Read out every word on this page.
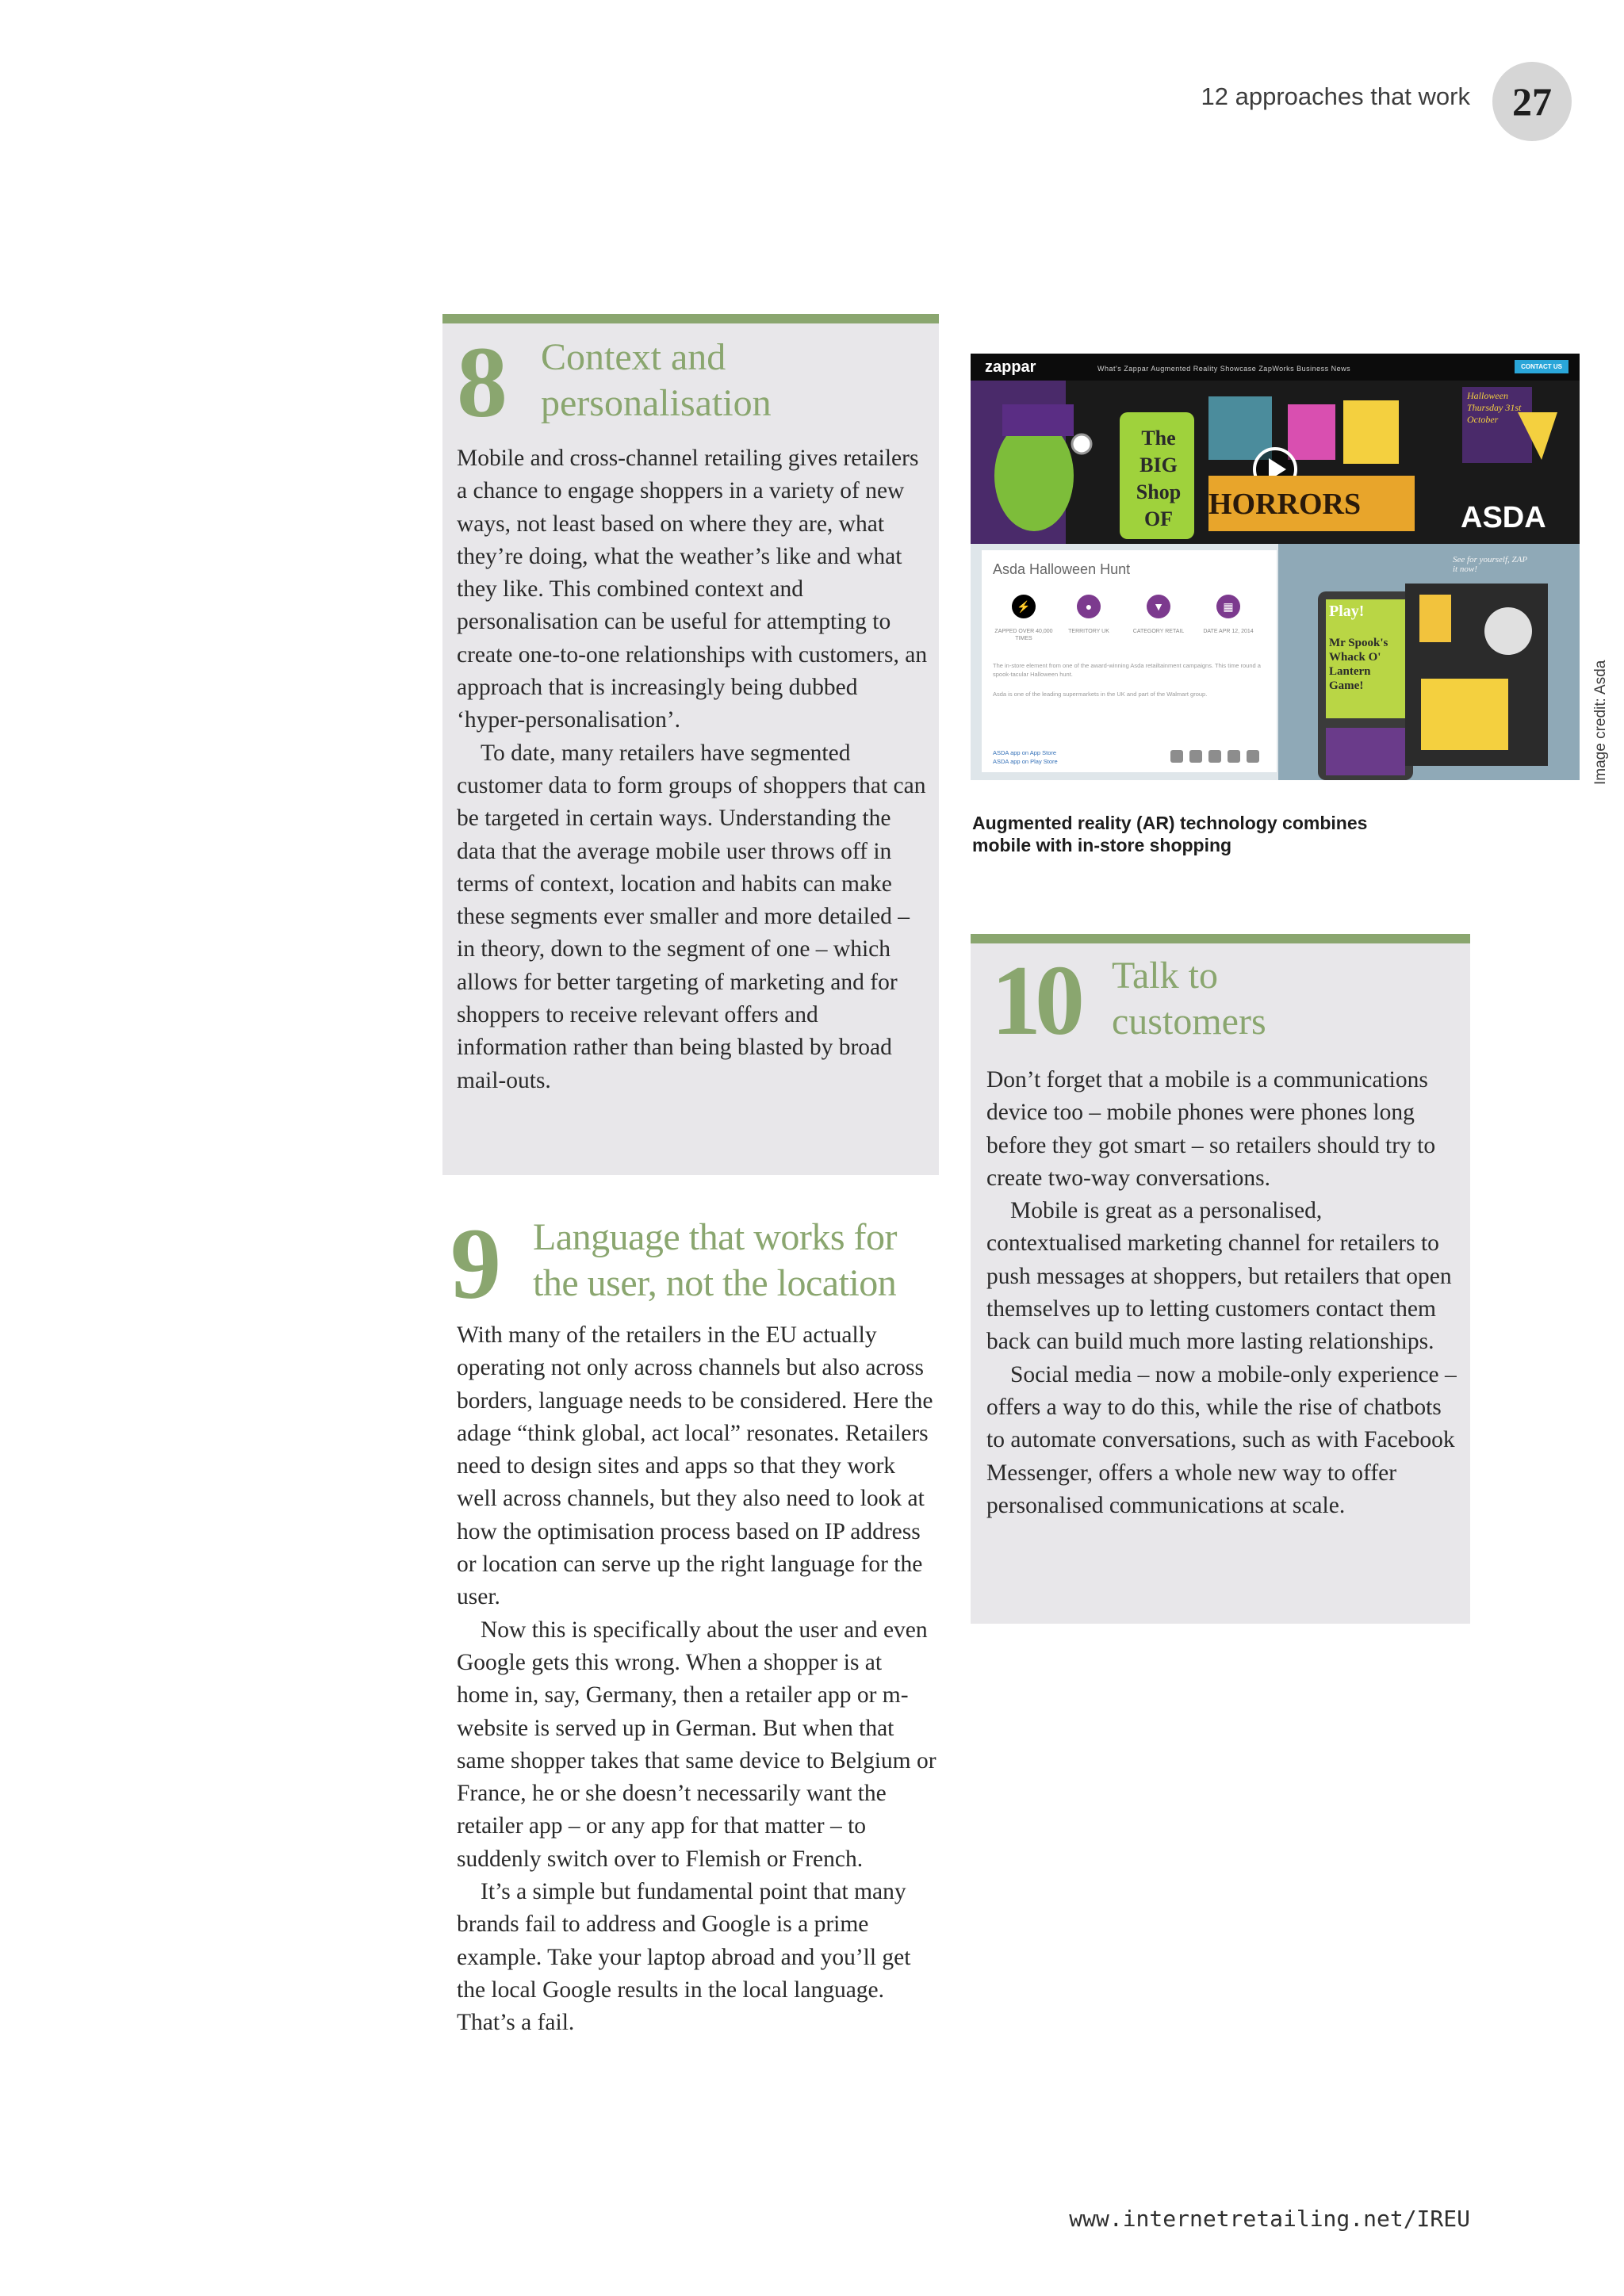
12 approaches that work	27
8 Context and
personalisation

Mobile and cross-channel retailing gives retailers a chance to engage shoppers in a variety of new ways, not least based on where they are, what they’re doing, what the weather’s like and what they like. This combined context and personalisation can be useful for attempting to create one-to-one relationships with customers, an approach that is increasingly being dubbed ‘hyper-personalisation’.

To date, many retailers have segmented customer data to form groups of shoppers that can be targeted in certain ways. Understanding the data that the average mobile user throws off in terms of context, location and habits can make these segments ever smaller and more detailed – in theory, down to the segment of one – which allows for better targeting of marketing and for shoppers to receive relevant offers and information rather than being blasted by broad mail-outs.

9 Language that works for
the user, not the location

With many of the retailers in the EU actually operating not only across channels but also across borders, language needs to be considered. Here the adage “think global, act local” resonates. Retailers need to design sites and apps so that they work well across channels, but they also need to look at how the optimisation process based on IP address or location can serve up the right language for the user.

Now this is specifically about the user and even Google gets this wrong. When a shopper is at home in, say, Germany, then a retailer app or m-website is served up in German. But when that same shopper takes that same device to Belgium or France, he or she doesn’t necessarily want the retailer app – or any app for that matter – to suddenly switch over to Flemish or French.

It’s a simple but fundamental point that many brands fail to address and Google is a prime example. Take your laptop abroad and you’ll get the local Google results in the local language. That’s a fail.

zappar	What's Zappar Augmented Reality Showcase ZapWorks Business News	CONTACT US
The BIG Shop OF	HORRORS
Halloween Thursday 31st October
ASDA
Asda Halloween Hunt
⚡	●	▼	▦
ZAPPED OVER 40,000 TIMES
TERRITORY UK	CATEGORY RETAIL	DATE APR 12, 2014
The in-store element from one of the award-winning Asda retailtainment campaigns. This time round a spook-tacular Halloween hunt.
Asda is one of the leading supermarkets in the UK and part of the Walmart group.
ASDA app on App Store
ASDA app on Play Store
Play!
Mr Spook's Whack O' Lantern Game!
See for yourself, ZAP it now!
Augmented reality (AR) technology combines mobile with in-store shopping
Image credit: Asda
10 Talk to
customers

Don’t forget that a mobile is a communications device too – mobile phones were phones long before they got smart – so retailers should try to create two-way conversations.

Mobile is great as a personalised, contextualised marketing channel for retailers to push messages at shoppers, but retailers that open themselves up to letting customers contact them back can build much more lasting relationships.

Social media – now a mobile-only experience – offers a way to do this, while the rise of chatbots to automate conversations, such as with Facebook Messenger, offers a whole new way to offer personalised communications at scale.

www.internetretailing.net/IREU
